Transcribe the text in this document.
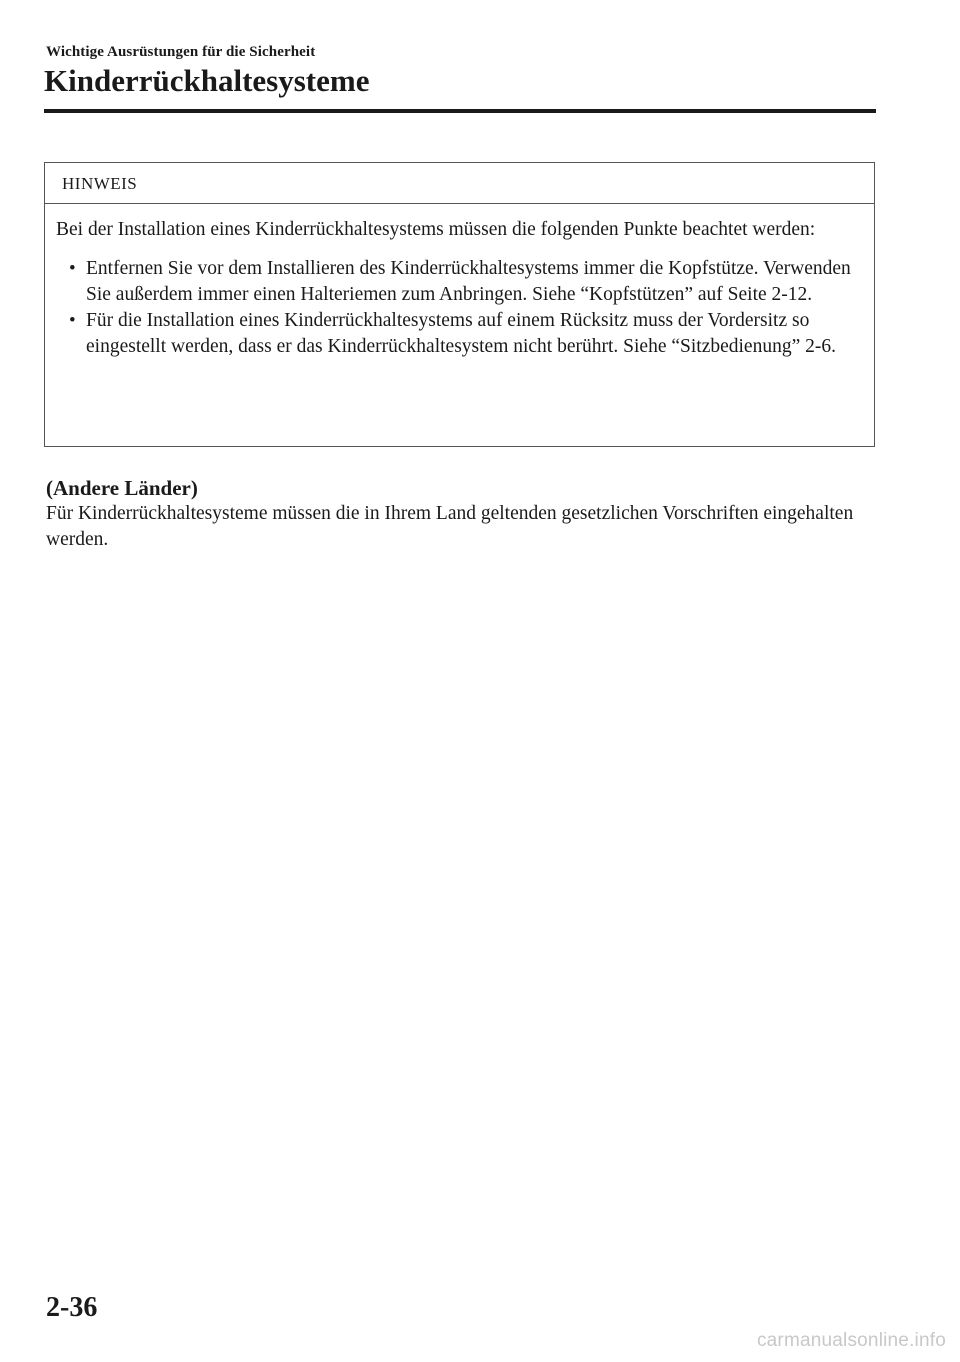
Wichtige Ausrüstungen für die Sicherheit
Kinderrückhaltesysteme
HINWEIS

Bei der Installation eines Kinderrückhaltesystems müssen die folgenden Punkte beachtet werden:

• Entfernen Sie vor dem Installieren des Kinderrückhaltesystems immer die Kopfstütze. Verwenden Sie außerdem immer einen Halteriemen zum Anbringen. Siehe “Kopfstützen” auf Seite 2-12.
• Für die Installation eines Kinderrückhaltesystems auf einem Rücksitz muss der Vordersitz so eingestellt werden, dass er das Kinderrückhaltesystem nicht berührt. Siehe “Sitzbedienung” 2-6.
(Andere Länder)

Für Kinderrückhaltesysteme müssen die in Ihrem Land geltenden gesetzlichen Vorschriften eingehalten werden.

2-36
carmanualsonline.info
